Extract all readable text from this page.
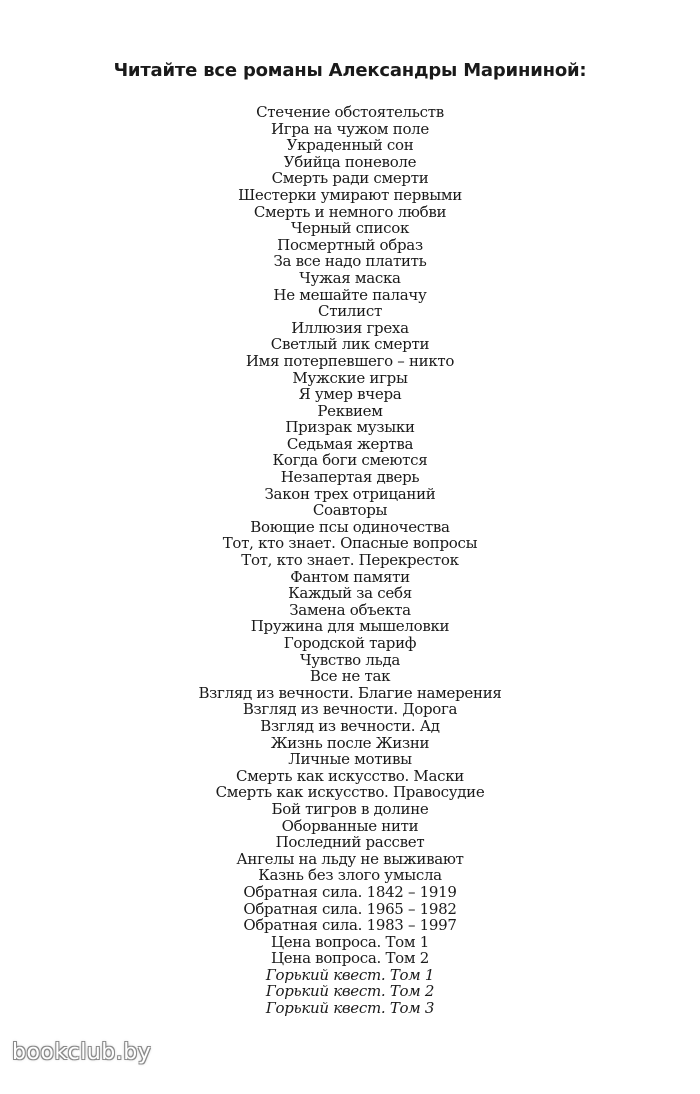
Читайте все романы Александры Марининой:
Стечение обстоятельств
Игра на чужом поле
Украденный сон
Убийца поневоле
Смерть ради смерти
Шестерки умирают первыми
Смерть и немного любви
Черный список
Посмертный образ
За все надо платить
Чужая маска
Не мешайте палачу
Стилист
Иллюзия греха
Светлый лик смерти
Имя потерпевшего – никто
Мужские игры
Я умер вчера
Реквием
Призрак музыки
Седьмая жертва
Когда боги смеются
Незапертая дверь
Закон трех отрицаний
Соавторы
Воющие псы одиночества
Тот, кто знает. Опасные вопросы
Тот, кто знает. Перекресток
Фантом памяти
Каждый за себя
Замена объекта
Пружина для мышеловки
Городской тариф
Чувство льда
Все не так
Взгляд из вечности. Благие намерения
Взгляд из вечности. Дорога
Взгляд из вечности. Ад
Жизнь после Жизни
Личные мотивы
Смерть как искусство. Маски
Смерть как искусство. Правосудие
Бой тигров в долине
Оборванные нити
Последний рассвет
Ангелы на льду не выживают
Казнь без злого умысла
Обратная сила. 1842 – 1919
Обратная сила. 1965 – 1982
Обратная сила. 1983 – 1997
Цена вопроса. Том 1
Цена вопроса. Том 2
Горький квест. Том 1
Горький квест. Том 2
Горький квест. Том 3
bookclub.by
